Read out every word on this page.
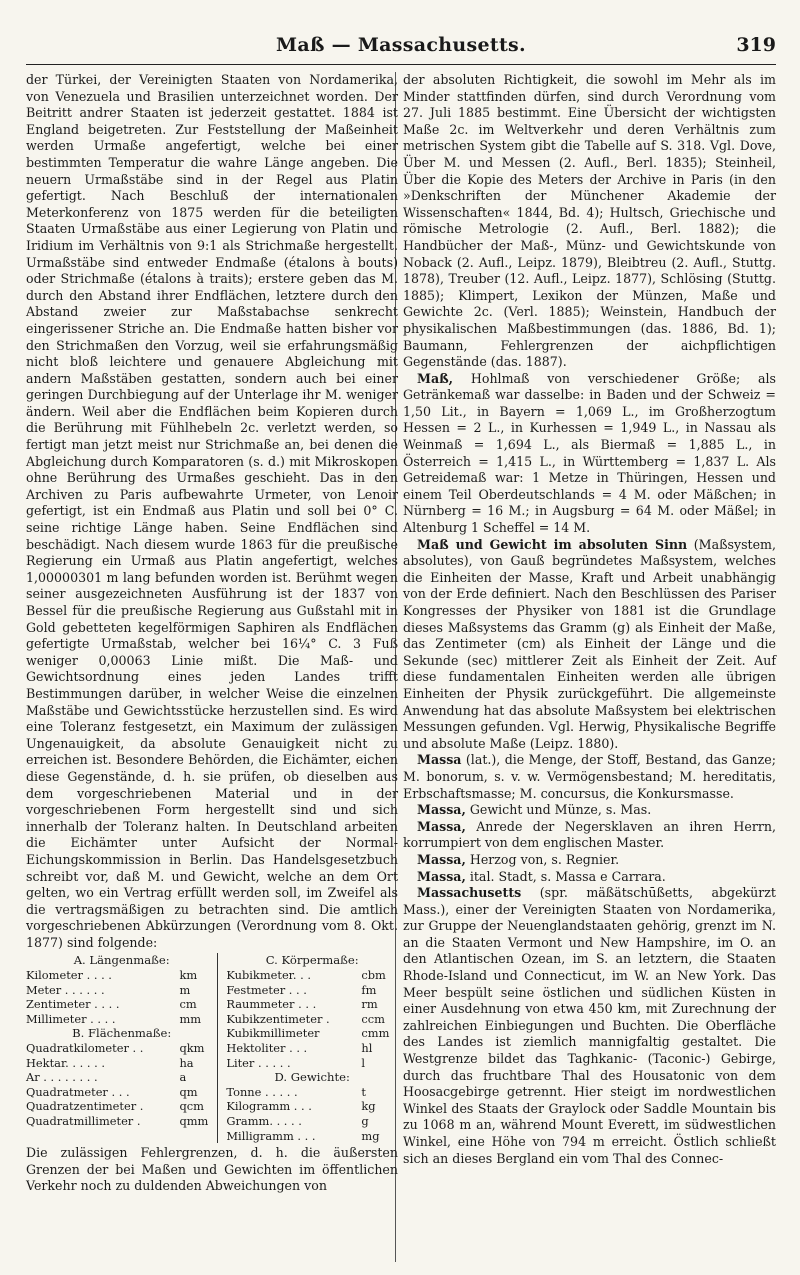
Maß — Massachusetts.	319

der Türkei, der Vereinigten Staaten von Nordamerika, von Venezuela und Brasilien unterzeichnet worden. Der Beitritt andrer Staaten ist jederzeit gestattet. 1884 ist England beigetreten. Zur Feststellung der Maßeinheit werden Urmaße angefertigt, welche bei einer bestimmten Temperatur die wahre Länge angeben. Die neuern Urmaßstäbe sind in der Regel aus Platin gefertigt. Nach Beschluß der internationalen Meterkonferenz von 1875 werden für die beteiligten Staaten Urmaßstäbe aus einer Legierung von Platin und Iridium im Verhältnis von 9:1 als Strichmaße hergestellt. Urmaßstäbe sind entweder Endmaße (étalons à bouts) oder Strichmaße (étalons à traits); erstere geben das M. durch den Abstand ihrer Endflächen, letztere durch den Abstand zweier zur Maßstabachse senkrecht eingerissener Striche an. Die Endmaße hatten bisher vor den Strichmaßen den Vorzug, weil sie erfahrungsmäßig nicht bloß leichtere und genauere Abgleichung mit andern Maßstäben gestatten, sondern auch bei einer geringen Durchbiegung auf der Unterlage ihr M. weniger ändern. Weil aber die Endflächen beim Kopieren durch die Berührung mit Fühlhebeln 2c. verletzt werden, so fertigt man jetzt meist nur Strichmaße an, bei denen die Abgleichung durch Komparatoren (s. d.) mit Mikroskopen ohne Berührung des Urmaßes geschieht. Das in den Archiven zu Paris aufbewahrte Urmeter, von Lenoir gefertigt, ist ein Endmaß aus Platin und soll bei 0° C. seine richtige Länge haben. Seine Endflächen sind beschädigt. Nach diesem wurde 1863 für die preußische Regierung ein Urmaß aus Platin angefertigt, welches 1,00000301 m lang befunden worden ist. Berühmt wegen seiner ausgezeichneten Ausführung ist der 1837 von Bessel für die preußische Regierung aus Gußstahl mit in Gold gebetteten kegelförmigen Saphiren als Endflächen gefertigte Urmaßstab, welcher bei 16¼° C. 3 Fuß weniger 0,00063 Linie mißt. Die Maß- und Gewichtsordnung eines jeden Landes trifft Bestimmungen darüber, in welcher Weise die einzelnen Maßstäbe und Gewichtsstücke herzustellen sind. Es wird eine Toleranz festgesetzt, ein Maximum der zulässigen Ungenauigkeit, da absolute Genauigkeit nicht zu erreichen ist. Besondere Behörden, die Eichämter, eichen diese Gegenstände, d. h. sie prüfen, ob dieselben aus dem vorgeschriebenen Material und in der vorgeschriebenen Form hergestellt sind und sich innerhalb der Toleranz halten. In Deutschland arbeiten die Eichämter unter Aufsicht der Normal-Eichungskommission in Berlin. Das Handelsgesetzbuch schreibt vor, daß M. und Gewicht, welche an dem Ort gelten, wo ein Vertrag erfüllt werden soll, im Zweifel als die vertragsmäßigen zu betrachten sind. Die amtlich vorgeschriebenen Abkürzungen (Verordnung vom 8. Okt. 1877) sind folgende:

A. Längenmaße:			C. Körpermaße:	
Kilometer . . . .	km		Kubikmeter. . .	cbm
Meter . . . . . .	m		Festmeter . . .	fm
Zentimeter . . . .	cm		Raummeter . . .	rm
Millimeter . . . .	mm		Kubikzentimeter .	ccm
B. Flächenmaße:			Kubikmillimeter	cmm
Quadratkilometer . .	qkm		Hektoliter . . .	hl
Hektar. . . . . .	ha		Liter . . . . .	l
Ar . . . . . . . .	a		D. Gewichte:	
Quadratmeter . . .	qm		Tonne . . . . .	t
Quadratzentimeter .	qcm		Kilogramm . . .	kg
Quadratmillimeter .	qmm		Gramm. . . . .	g
			Milligramm . . .	mg

Die zulässigen Fehlergrenzen, d. h. die äußersten Grenzen der bei Maßen und Gewichten im öffentlichen Verkehr noch zu duldenden Abweichungen von

der absoluten Richtigkeit, die sowohl im Mehr als im Minder stattfinden dürfen, sind durch Verordnung vom 27. Juli 1885 bestimmt. Eine Übersicht der wichtigsten Maße 2c. im Weltverkehr und deren Verhältnis zum metrischen System gibt die Tabelle auf S. 318. Vgl. Dove, Über M. und Messen (2. Aufl., Berl. 1835); Steinheil, Über die Kopie des Meters der Archive in Paris (in den »Denkschriften der Münchener Akademie der Wissenschaften« 1844, Bd. 4); Hultsch, Griechische und römische Metrologie (2. Aufl., Berl. 1882); die Handbücher der Maß-, Münz- und Gewichtskunde von Noback (2. Aufl., Leipz. 1879), Bleibtreu (2. Aufl., Stuttg. 1878), Treuber (12. Aufl., Leipz. 1877), Schlösing (Stuttg. 1885); Klimpert, Lexikon der Münzen, Maße und Gewichte 2c. (Verl. 1885); Weinstein, Handbuch der physikalischen Maßbestimmungen (das. 1886, Bd. 1); Baumann, Fehlergrenzen der aichpflichtigen Gegenstände (das. 1887).

Maß, Hohlmaß von verschiedener Größe; als Getränkemaß war dasselbe: in Baden und der Schweiz = 1,50 Lit., in Bayern = 1,069 L., im Großherzogtum Hessen = 2 L., in Kurhessen = 1,949 L., in Nassau als Weinmaß = 1,694 L., als Biermaß = 1,885 L., in Österreich = 1,415 L., in Württemberg = 1,837 L. Als Getreidemaß war: 1 Metze in Thüringen, Hessen und einem Teil Oberdeutschlands = 4 M. oder Mäßchen; in Nürnberg = 16 M.; in Augsburg = 64 M. oder Mäßel; in Altenburg 1 Scheffel = 14 M.

Maß und Gewicht im absoluten Sinn (Maßsystem, absolutes), von Gauß begründetes Maßsystem, welches die Einheiten der Masse, Kraft und Arbeit unabhängig von der Erde definiert. Nach den Beschlüssen des Pariser Kongresses der Physiker von 1881 ist die Grundlage dieses Maßsystems das Gramm (g) als Einheit der Maße, das Zentimeter (cm) als Einheit der Länge und die Sekunde (sec) mittlerer Zeit als Einheit der Zeit. Auf diese fundamentalen Einheiten werden alle übrigen Einheiten der Physik zurückgeführt. Die allgemeinste Anwendung hat das absolute Maßsystem bei elektrischen Messungen gefunden. Vgl. Herwig, Physikalische Begriffe und absolute Maße (Leipz. 1880).

Massa (lat.), die Menge, der Stoff, Bestand, das Ganze; M. bonorum, s. v. w. Vermögensbestand; M. hereditatis, Erbschaftsmasse; M. concursus, die Konkursmasse.

Massa, Gewicht und Münze, s. Mas.

Massa, Anrede der Negersklaven an ihren Herrn, korrumpiert von dem englischen Master.

Massa, Herzog von, s. Regnier.

Massa, ital. Stadt, s. Massa e Carrara.

Massachusetts (spr. mäßätschūßetts, abgekürzt Mass.), einer der Vereinigten Staaten von Nordamerika, zur Gruppe der Neuenglandstaaten gehörig, grenzt im N. an die Staaten Vermont und New Hampshire, im O. an den Atlantischen Ozean, im S. an letztern, die Staaten Rhode-Island und Connecticut, im W. an New York. Das Meer bespült seine östlichen und südlichen Küsten in einer Ausdehnung von etwa 450 km, mit Zurechnung der zahlreichen Einbiegungen und Buchten. Die Oberfläche des Landes ist ziemlich mannigfaltig gestaltet. Die Westgrenze bildet das Taghkanic- (Taconic-) Gebirge, durch das fruchtbare Thal des Housatonic von dem Hoosacgebirge getrennt. Hier steigt im nordwestlichen Winkel des Staats der Graylock oder Saddle Mountain bis zu 1068 m an, während Mount Everett, im südwestlichen Winkel, eine Höhe von 794 m erreicht. Östlich schließt sich an dieses Bergland ein vom Thal des Connec-
